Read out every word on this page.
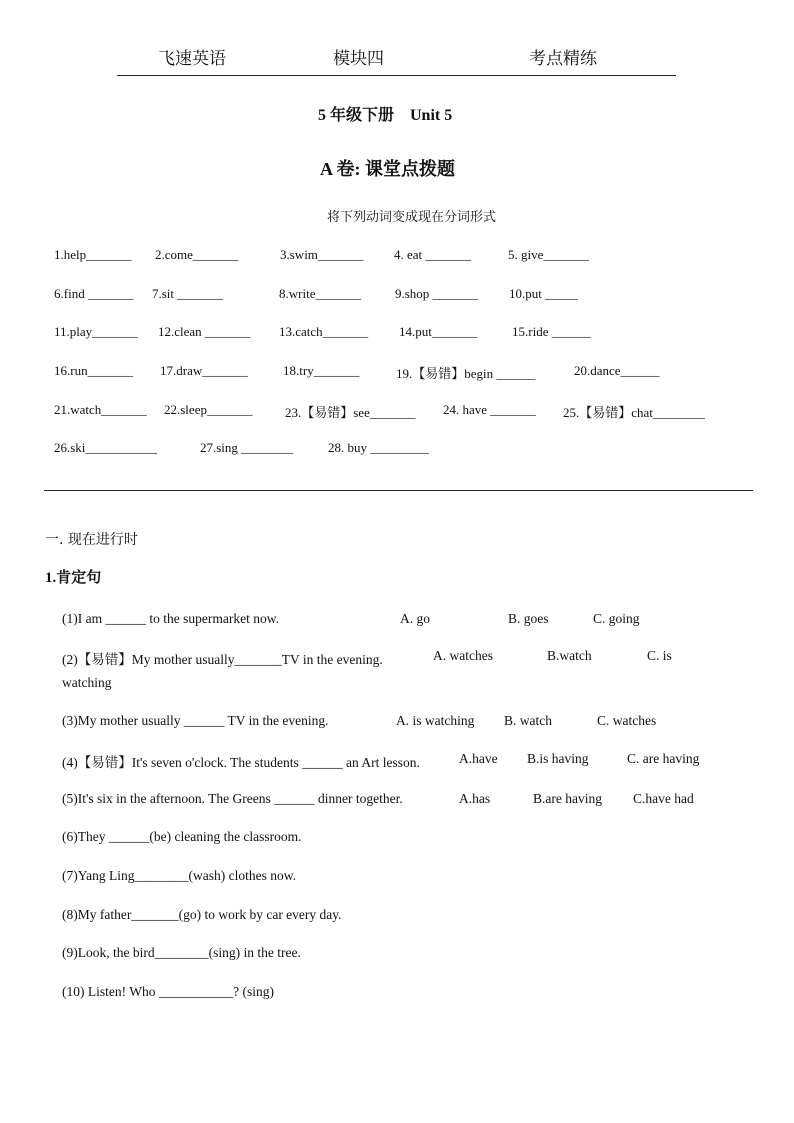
飞速英语	模块四	考点精练
5 年级下册　Unit 5
A 卷: 课堂点拨题
将下列动词变成现在分词形式
1.help_______ 2.come_______	3.swim_______ 4. eat _______	5. give_______
6.find _______ 7.sit _______	8.write_______	9.shop _______ 10.put _____
11.play_______ 12.clean _______ 13.catch_______ 14.put_______	15.ride ______
16.run_______ 17.draw_______	18.try_______	19.【易错】begin ______	20.dance______
21.watch_______ 22.sleep_______	23.【易错】see_______ 24. have _______ 25.【易错】chat________
26.ski___________	27.sing ________	28. buy _________
一. 现在进行时
1.肯定句
(1)I am ______ to the supermarket now.	A. go	B. goes	C. going
(2)【易错】My mother usually_______TV in the evening.	A. watches	B.watch	C. is
watching
(3)My mother usually ______ TV in the evening.	A. is watching B. watch	C. watches
(4)【易错】It's seven o'clock. The students ______ an Art lesson.	A.have B.is having	C. are having
(5)It's six in the afternoon. The Greens ______ dinner together.	A.has	B.are having C.have had
(6)They ______(be) cleaning the classroom.
(7)Yang Ling________(wash) clothes now.
(8)My father_______(go) to work by car every day.
(9)Look, the bird________(sing) in the tree.
(10) Listen! Who ___________? (sing)
